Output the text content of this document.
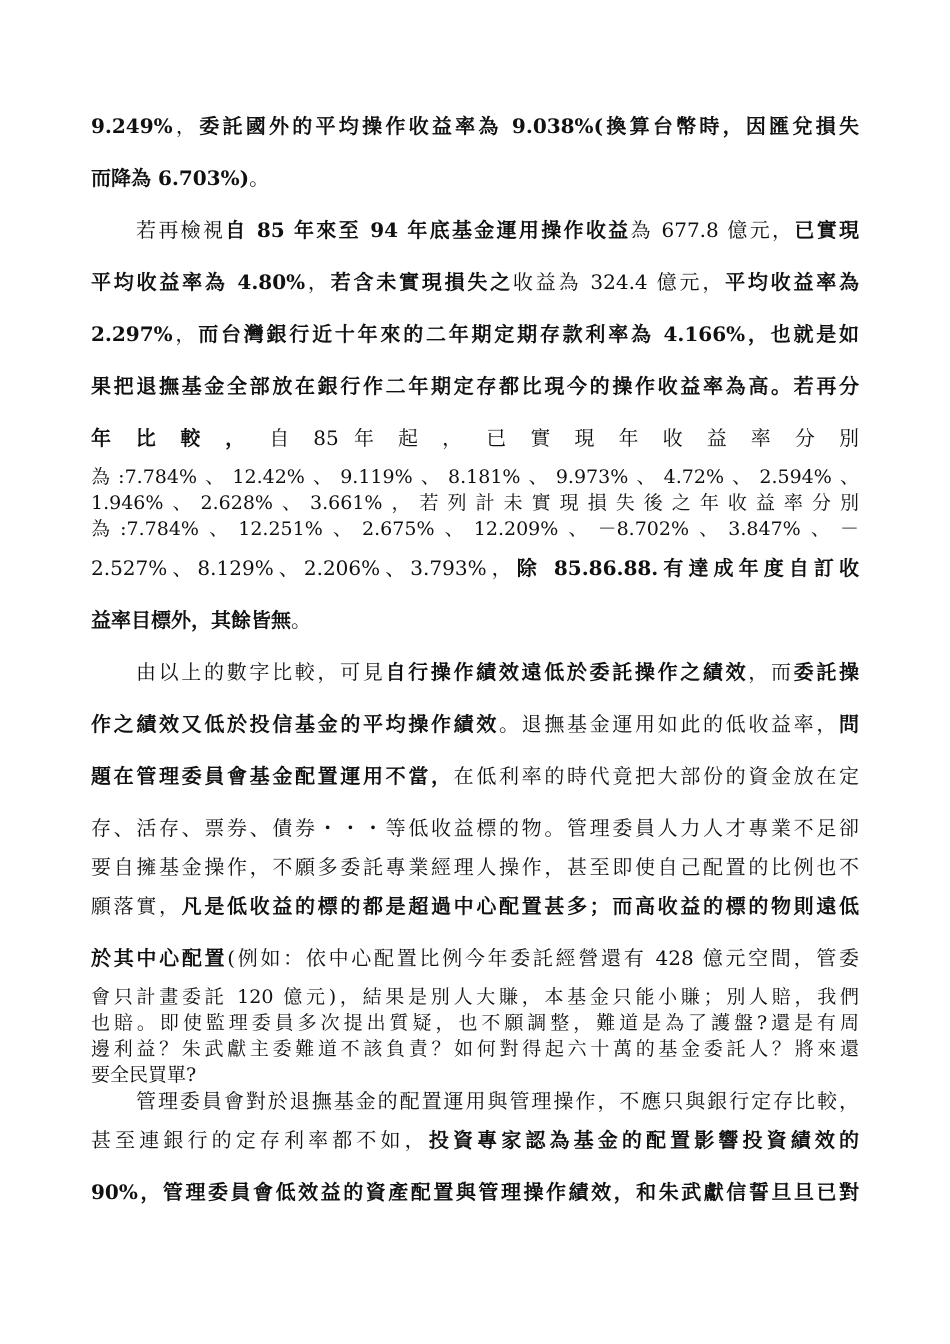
9.249%，委託國外的平均操作收益率為 9.038%(換算台幣時，因匯兌損失
而降為 6.703%)。
若再檢視自 85 年來至 94 年底基金運用操作收益為 677.8 億元，已實現
平均收益率為 4.80%，若含未實現損失之收益為 324.4 億元，平均收益率為
2.297%，而台灣銀行近十年來的二年期定期存款利率為 4.166%，也就是如
果把退撫基金全部放在銀行作二年期定存都比現今的操作收益率為高。若再分
年 比 較 ， 自 85 年 起 ， 已 實 現 年 收 益 率 分 別
為:7.784%、12.42%、9.119%、8.181%、9.973%、4.72%、2.594%、
1.946%、2.628%、3.661%，若列計未實現損失後之年收益率分別
為:7.784%、12.251%、2.675%、12.209%、－8.702%、3.847%、－
2.527%、8.129%、2.206%、3.793%，除 85.86.88.有達成年度自訂收
益率目標外，其餘皆無。
由以上的數字比較，可見自行操作績效遠低於委託操作之績效，而委託操
作之績效又低於投信基金的平均操作績效。退撫基金運用如此的低收益率，問
題在管理委員會基金配置運用不當，在低利率的時代竟把大部份的資金放在定
存、活存、票券、債券・・・等低收益標的物。管理委員人力人才專業不足卻
要自擁基金操作，不願多委託專業經理人操作，甚至即使自己配置的比例也不
願落實，凡是低收益的標的都是超過中心配置甚多；而高收益的標的物則遠低
於其中心配置(例如：依中心配置比例今年委託經營還有 428 億元空間，管委
會只計畫委託 120 億元)，結果是別人大賺，本基金只能小賺；別人賠，我們
也賠。即使監理委員多次提出質疑，也不願調整，難道是為了護盤?還是有周
邊利益？朱武獻主委難道不該負責？如何對得起六十萬的基金委託人？將來還
要全民買單?
管理委員會對於退撫基金的配置運用與管理操作，不應只與銀行定存比較，
甚至連銀行的定存利率都不如，投資專家認為基金的配置影響投資績效的
90%，管理委員會低效益的資產配置與管理操作績效，和朱武獻信誓旦旦已對
